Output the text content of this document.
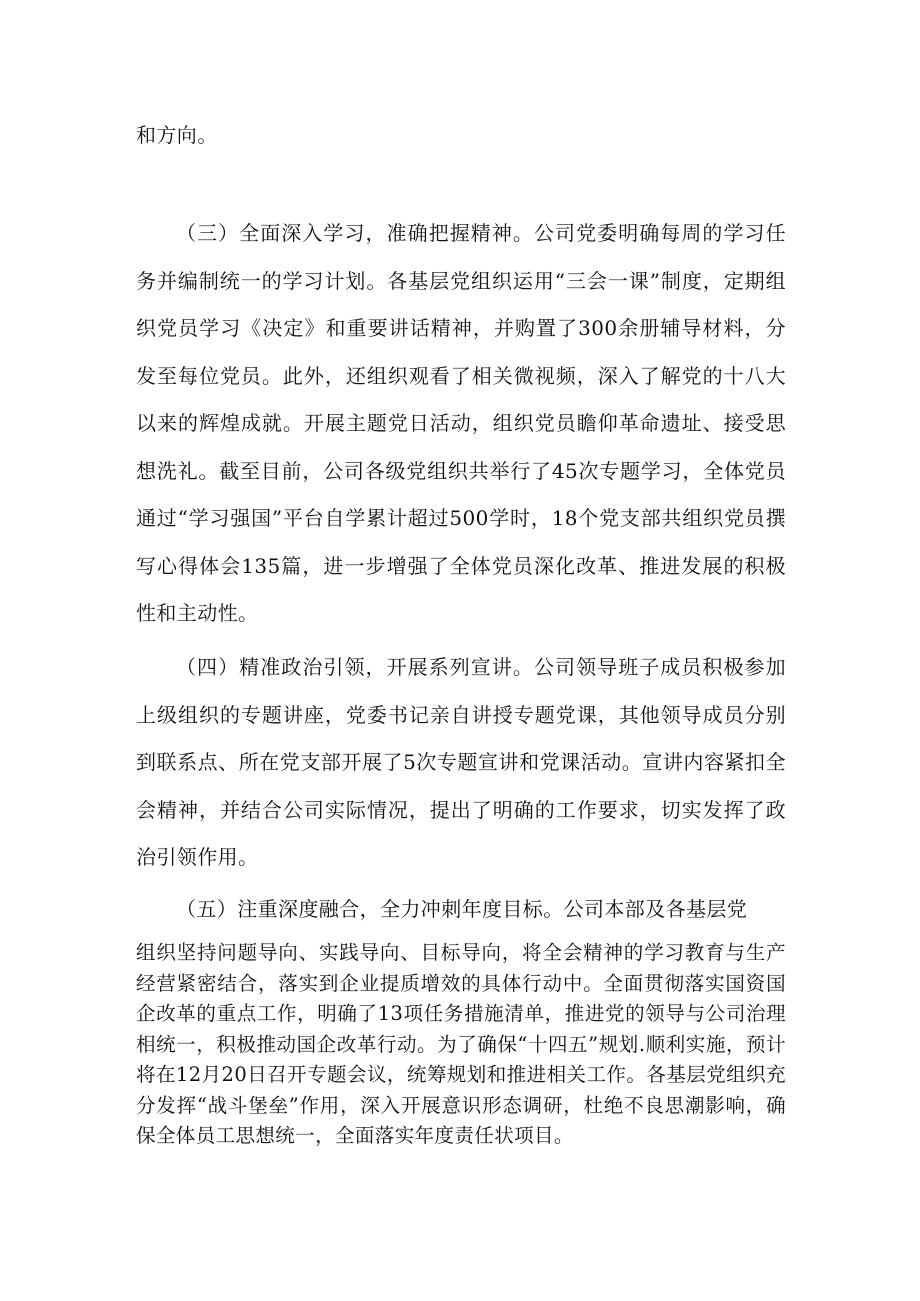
和方向。

（三）全面深入学习，准确把握精神。公司党委明确每周的学习任务并编制统一的学习计划。各基层党组织运用“三会一课”制度，定期组织党员学习《决定》和重要讲话精神，并购置了300余册辅导材料，分发至每位党员。此外，还组织观看了相关微视频，深入了解党的十八大以来的辉煌成就。开展主题党日活动，组织党员瞻仰革命遗址、接受思想洗礼。截至目前，公司各级党组织共举行了45次专题学习，全体党员通过“学习强国”平台自学累计超过500学时，18个党支部共组织党员撰写心得体会135篇，进一步增强了全体党员深化改革、推进发展的积极性和主动性。

（四）精准政治引领，开展系列宣讲。公司领导班子成员积极参加上级组织的专题讲座，党委书记亲自讲授专题党课，其他领导成员分别到联系点、所在党支部开展了5次专题宣讲和党课活动。宣讲内容紧扣全会精神，并结合公司实际情况，提出了明确的工作要求，切实发挥了政治引领作用。

（五）注重深度融合，全力冲刺年度目标。公司本部及各基层党

组织坚持问题导向、实践导向、目标导向，将全会精神的学习教育与生产经营紧密结合，落实到企业提质增效的具体行动中。全面贯彻落实国资国企改革的重点工作，明确了13项任务措施清单，推进党的领导与公司治理相统一，积极推动国企改革行动。为了确保“十四五”规划.顺利实施，预计将在12月20日召开专题会议，统筹规划和推进相关工作。各基层党组织充分发挥“战斗堡垒”作用，深入开展意识形态调研，杜绝不良思潮影响，确保全体员工思想统一，全面落实年度责任状项目。
